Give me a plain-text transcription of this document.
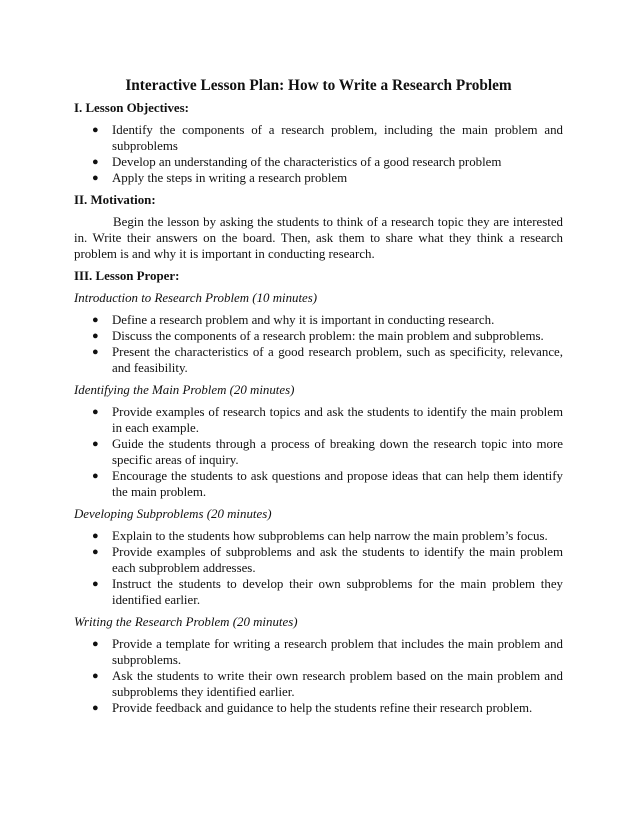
Interactive Lesson Plan: How to Write a Research Problem
I. Lesson Objectives:
● Identify the components of a research problem, including the main problem and subproblems
● Develop an understanding of the characteristics of a good research problem
● Apply the steps in writing a research problem
II. Motivation:

Begin the lesson by asking the students to think of a research topic they are interested in. Write their answers on the board. Then, ask them to share what they think a research problem is and why it is important in conducting research.

III. Lesson Proper:
Introduction to Research Problem (10 minutes)
● Define a research problem and why it is important in conducting research.
● Discuss the components of a research problem: the main problem and subproblems.
● Present the characteristics of a good research problem, such as specificity, relevance, and feasibility.
Identifying the Main Problem (20 minutes)
● Provide examples of research topics and ask the students to identify the main problem in each example.
● Guide the students through a process of breaking down the research topic into more specific areas of inquiry.
● Encourage the students to ask questions and propose ideas that can help them identify the main problem.
Developing Subproblems (20 minutes)
● Explain to the students how subproblems can help narrow the main problem’s focus.
● Provide examples of subproblems and ask the students to identify the main problem each subproblem addresses.
● Instruct the students to develop their own subproblems for the main problem they identified earlier.
Writing the Research Problem (20 minutes)
● Provide a template for writing a research problem that includes the main problem and subproblems.
● Ask the students to write their own research problem based on the main problem and subproblems they identified earlier.
● Provide feedback and guidance to help the students refine their research problem.
